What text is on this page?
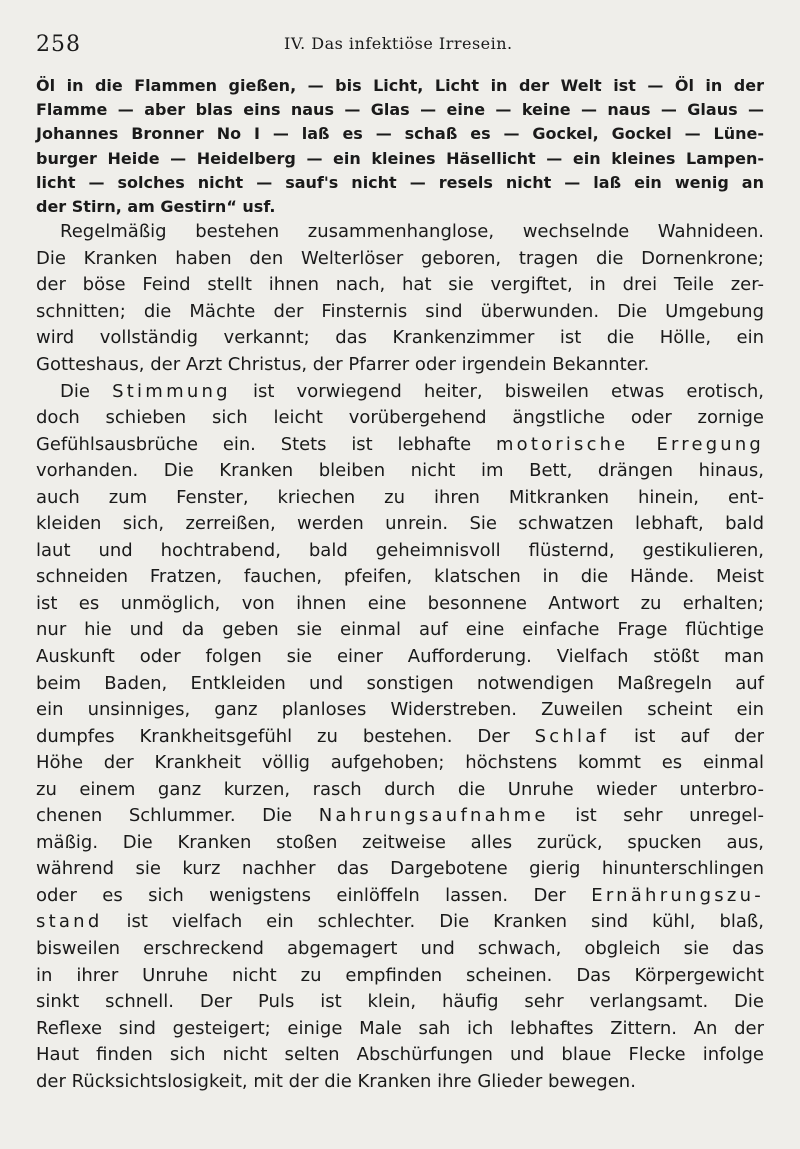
258	IV. Das infektiöse Irresein.
Öl in die Flammen gießen, — bis Licht, Licht in der Welt ist — Öl in der
Flamme — aber blas eins naus — Glas — eine — keine — naus — Glaus —
Johannes Bronner No I — laß es — schaß es — Gockel, Gockel — Lüne-
burger Heide — Heidelberg — ein kleines Häsellicht — ein kleines Lampen-
licht — solches nicht — sauf's nicht — resels nicht — laß ein wenig an
der Stirn, am Gestirn“ usf.
Regelmäßig bestehen zusammenhanglose, wechselnde Wahnideen.
Die Kranken haben den Welterlöser geboren, tragen die Dornenkrone;
der böse Feind stellt ihnen nach, hat sie vergiftet, in drei Teile zer-
schnitten; die Mächte der Finsternis sind überwunden. Die Umgebung
wird vollständig verkannt; das Krankenzimmer ist die Hölle, ein
Gotteshaus, der Arzt Christus, der Pfarrer oder irgendein Bekannter.
Die Stimmung ist vorwiegend heiter, bisweilen etwas erotisch,
doch schieben sich leicht vorübergehend ängstliche oder zornige
Gefühlsausbrüche ein. Stets ist lebhafte motorische Erregung
vorhanden. Die Kranken bleiben nicht im Bett, drängen hinaus,
auch zum Fenster, kriechen zu ihren Mitkranken hinein, ent-
kleiden sich, zerreißen, werden unrein. Sie schwatzen lebhaft, bald
laut und hochtrabend, bald geheimnisvoll flüsternd, gestikulieren,
schneiden Fratzen, fauchen, pfeifen, klatschen in die Hände. Meist
ist es unmöglich, von ihnen eine besonnene Antwort zu erhalten;
nur hie und da geben sie einmal auf eine einfache Frage flüchtige
Auskunft oder folgen sie einer Aufforderung. Vielfach stößt man
beim Baden, Entkleiden und sonstigen notwendigen Maßregeln auf
ein unsinniges, ganz planloses Widerstreben. Zuweilen scheint ein
dumpfes Krankheitsgefühl zu bestehen. Der Schlaf ist auf der
Höhe der Krankheit völlig aufgehoben; höchstens kommt es einmal
zu einem ganz kurzen, rasch durch die Unruhe wieder unterbro-
chenen Schlummer. Die Nahrungsaufnahme ist sehr unregel-
mäßig. Die Kranken stoßen zeitweise alles zurück, spucken aus,
während sie kurz nachher das Dargebotene gierig hinunterschlingen
oder es sich wenigstens einlöffeln lassen. Der Ernährungszu-
stand ist vielfach ein schlechter. Die Kranken sind kühl, blaß,
bisweilen erschreckend abgemagert und schwach, obgleich sie das
in ihrer Unruhe nicht zu empfinden scheinen. Das Körpergewicht
sinkt schnell. Der Puls ist klein, häufig sehr verlangsamt. Die
Reflexe sind gesteigert; einige Male sah ich lebhaftes Zittern. An der
Haut finden sich nicht selten Abschürfungen und blaue Flecke infolge
der Rücksichtslosigkeit, mit der die Kranken ihre Glieder bewegen.
